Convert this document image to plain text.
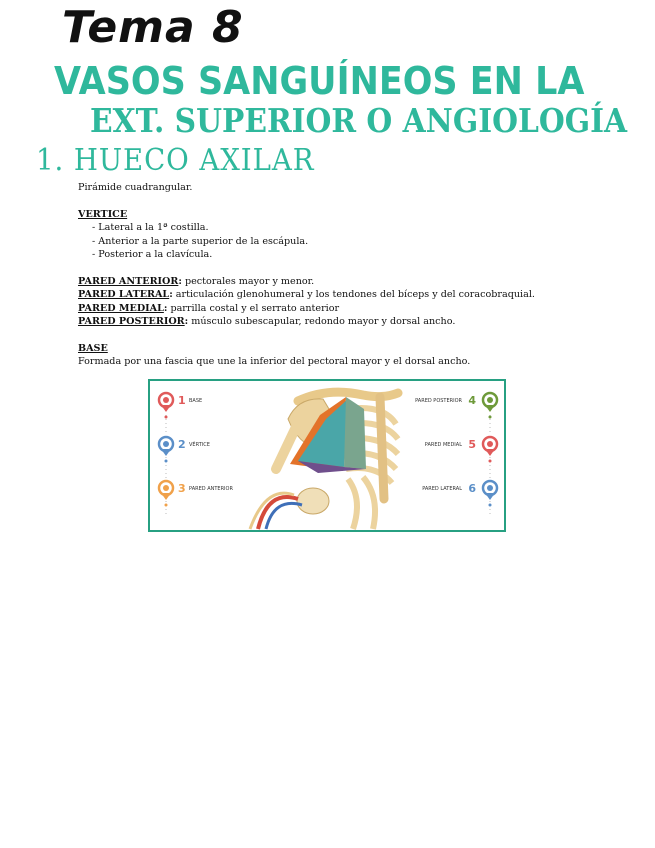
Tema 8
VASOS SANGUÍNEOS EN LA
EXT. SUPERIOR O ANGIOLOGÍA
1. HUECO AXILAR

Pirámide cuadrangular.

VERTICE

- Lateral a la 1ª costilla.
- Anterior a la parte superior de la escápula.
- Posterior a la clavícula.

PARED ANTERIOR: pectorales mayor y menor.

PARED LATERAL: articulación glenohumeral y los tendones del bíceps y del coracobraquial.

PARED MEDIAL: parrilla costal y el serrato anterior

PARED POSTERIOR: músculo subescapular, redondo mayor y dorsal ancho.

BASE

Formada por una fascia que une la inferior del pectoral mayor y el dorsal ancho.

1 BASE
2 VÉRTICE
3 PARED ANTERIOR
PARED POSTERIOR 4
PARED MEDIAL 5
PARED LATERAL 6
